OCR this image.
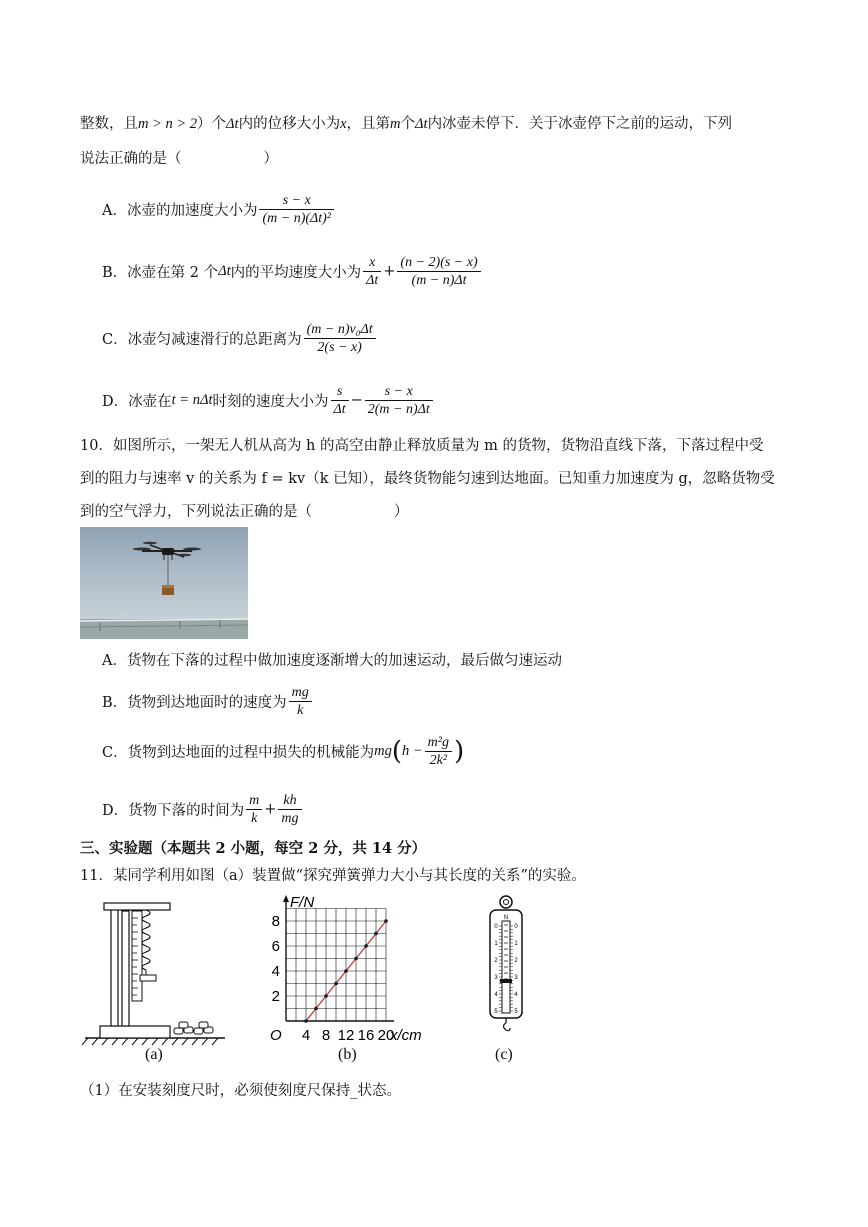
整数，且m > n > 2）个Δt内的位移大小为x，且第m个Δt内冰壶未停下．关于冰壶停下之前的运动，下列
说法正确的是（	）
A．冰壶的加速度大小为 $\frac{s - x}{\text{(m − n)(Δt)²}}$
B．冰壶在第 2 个Δt内的平均速度大小为 $\frac{x}{\Delta t} + \frac{(n - 2)(s - x)}{(m - n)\Delta t}$
C．冰壶匀减速滑行的总距离为 $\frac{\text{(m − n)v₀Δt}}{2(s - x)}$
D．冰壶在t = nΔt时刻的速度大小为 $\frac{s}{\Delta t} - \frac{s - x}{2(m - n)\Delta t}$
10．如图所示，一架无人机从高为 h 的高空由静止释放质量为 m 的货物，货物沿直线下落，下落过程中受
到的阻力与速率 v 的关系为 f = kv（k 已知），最终货物能匀速到达地面。已知重力加速度为 g，忽略货物受
到的空气浮力，下列说法正确的是（	）
A．货物在下落的过程中做加速度逐渐增大的加速运动，最后做匀速运动
B．货物到达地面时的速度为 $\frac{mg}{k}$
C．货物到达地面的过程中损失的机械能为$mg(h - \frac{\text{m²g}}{\text{2k²}}$ )
D．货物下落的时间为 $\frac{m}{k} + \frac{kh}{mg}$
三、实验题（本题共 2 小题，每空 2 分，共 14 分）
11．某同学利用如图（a）装置做“探究弹簧弹力大小与其长度的关系”的实验。
(a)
F/N
x/cm
O 4 8 12 16 20
2
4
6
8
(b)
N
0
1
2
3
4
5
0
1
2
3
4
5
(c)
（1）在安装刻度尺时，必须使刻度尺保持_状态。
